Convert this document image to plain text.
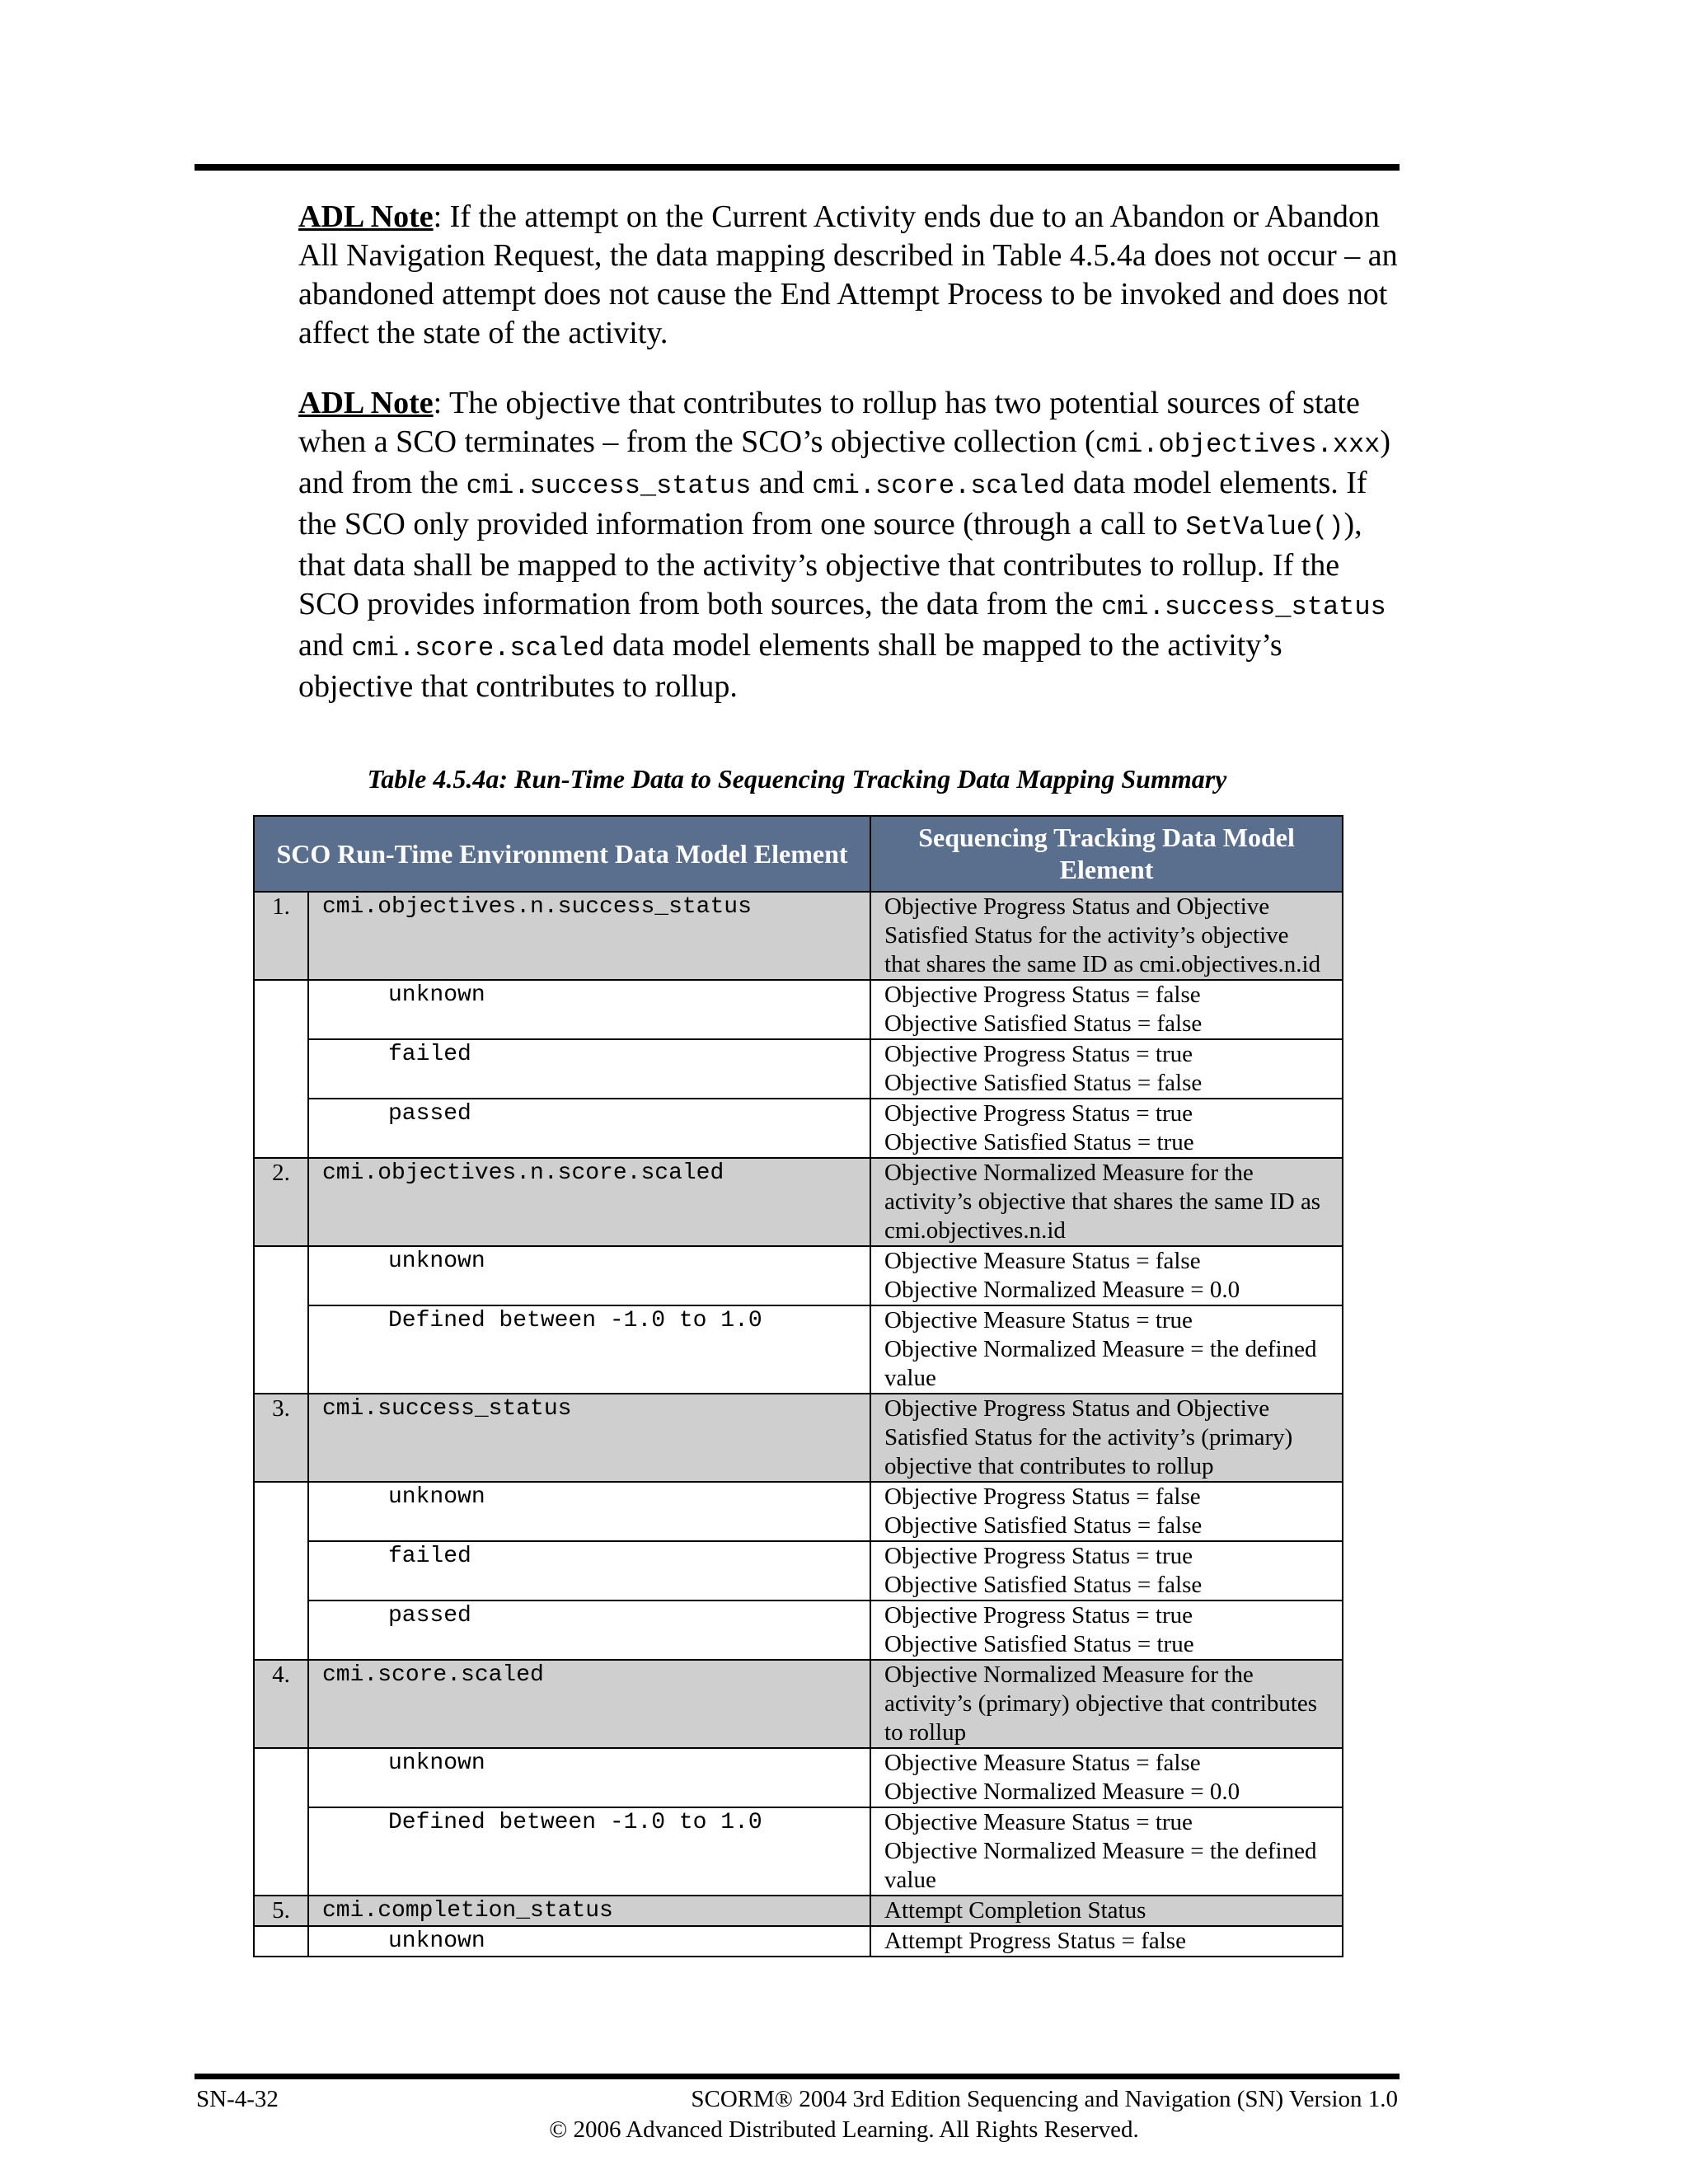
ADL Note: If the attempt on the Current Activity ends due to an Abandon or Abandon All Navigation Request, the data mapping described in Table 4.5.4a does not occur – an abandoned attempt does not cause the End Attempt Process to be invoked and does not affect the state of the activity.

ADL Note: The objective that contributes to rollup has two potential sources of state when a SCO terminates – from the SCO’s objective collection (cmi.objectives.xxx) and from the cmi.success_status and cmi.score.scaled data model elements. If the SCO only provided information from one source (through a call to SetValue()), that data shall be mapped to the activity’s objective that contributes to rollup. If the SCO provides information from both sources, the data from the cmi.success_status and cmi.score.scaled data model elements shall be mapped to the activity’s objective that contributes to rollup.

Table 4.5.4a: Run-Time Data to Sequencing Tracking Data Mapping Summary
SCO Run-Time Environment Data Model Element		Sequencing Tracking Data Model Element
1.	cmi.objectives.n.success_status	Objective Progress Status and Objective Satisfied Status for the activity’s objective that shares the same ID as cmi.objectives.n.id
	unknown	Objective Progress Status = false
Objective Satisfied Status = false

	failed	Objective Progress Status = true
Objective Satisfied Status = false

	passed	Objective Progress Status = true
Objective Satisfied Status = true

2.	cmi.objectives.n.score.scaled	Objective Normalized Measure for the activity’s objective that shares the same ID as cmi.objectives.n.id
	unknown	Objective Measure Status = false
Objective Normalized Measure = 0.0

	Defined between -1.0 to 1.0	Objective Measure Status = true
Objective Normalized Measure = the defined value

3.	cmi.success_status	Objective Progress Status and Objective Satisfied Status for the activity’s (primary) objective that contributes to rollup
	unknown	Objective Progress Status = false
Objective Satisfied Status = false

	failed	Objective Progress Status = true
Objective Satisfied Status = false

	passed	Objective Progress Status = true
Objective Satisfied Status = true

4.	cmi.score.scaled	Objective Normalized Measure for the activity’s (primary) objective that contributes to rollup
	unknown	Objective Measure Status = false
Objective Normalized Measure = 0.0

	Defined between -1.0 to 1.0	Objective Measure Status = true
Objective Normalized Measure = the defined value

5.	cmi.completion_status	Attempt Completion Status
	unknown	Attempt Progress Status = false
SN-4-32	SCORM® 2004 3rd Edition Sequencing and Navigation (SN) Version 1.0
© 2006 Advanced Distributed Learning. All Rights Reserved.
